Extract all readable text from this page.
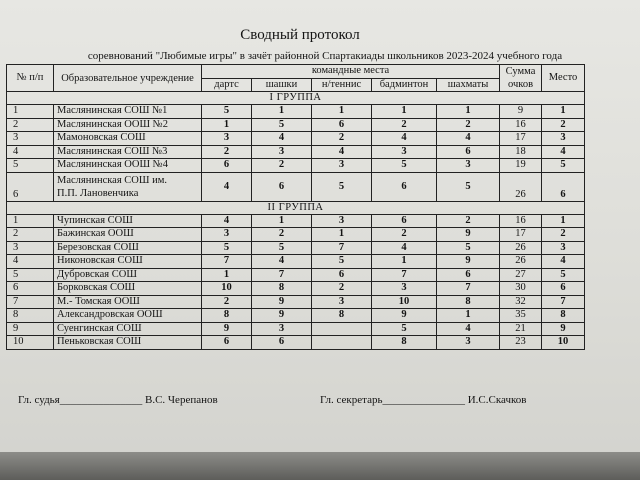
Сводный протокол
соревнований "Любимые игры" в зачёт районной Спартакиады школьников 2023-2024 учебного года
№ п/п	Образовательное учреждение	командные места					Сумма очков	Место
		дартс	шашки	н/теннис	бадминтон	шахматы		
I ГРУППА								
1	Маслянинская СОШ №1	5	1	1	1	1	9	1
2	Маслянинская ООШ №2	1	5	6	2	2	16	2
3	Мамоновская СОШ	3	4	2	4	4	17	3
4	Маслянинская СОШ №3	2	3	4	3	6	18	4
5	Маслянинская ООШ №4	6	2	3	5	3	19	5
6	Маслянинская СОШ им.
П.П. Лановенчика	4	6	5	6	5	26	6
II ГРУППА								
1	Чупинская СОШ	4	1	3	6	2	16	1
2	Бажинская ООШ	3	2	1	2	9	17	2
3	Березовская СОШ	5	5	7	4	5	26	3
4	Никоновская СОШ	7	4	5	1	9	26	4
5	Дубровская СОШ	1	7	6	7	6	27	5
6	Борковская СОШ	10	8	2	3	7	30	6
7	М.- Томская ООШ	2	9	3	10	8	32	7
8	Александровская ООШ	8	9	8	9	1	35	8
9	Суенгинская СОШ	9	3		5	4	21	9
10	Пеньковская СОШ	6	6		8	3	23	10
Гл. судья_______________ В.С. Черепанов	Гл. секретарь_______________ И.С.Скачков
